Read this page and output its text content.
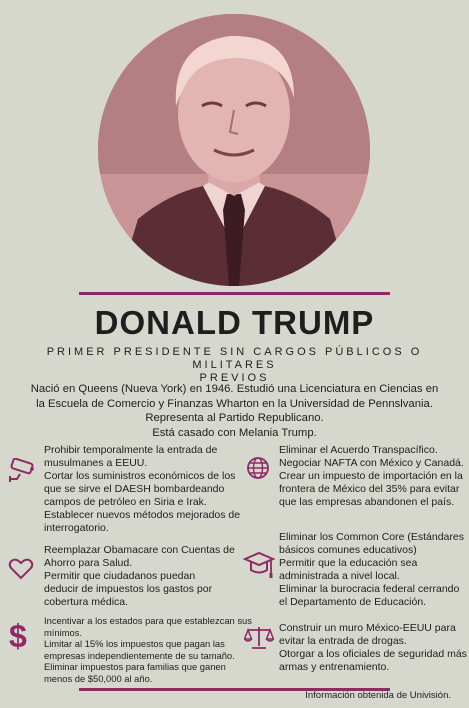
DONALD TRUMP
PRIMER PRESIDENTE SIN CARGOS PÚBLICOS O MILITARES
PREVIOS
Nació en Queens (Nueva York) en 1946. Estudió una Licenciatura en Ciencias en
la Escuela de Comercio y Finanzas Wharton en la Universidad de Pennslvania.
Representa al Partido Republicano.
Está casado con Melania Trump.
Prohibir temporalmente la entrada de
musulmanes a EEUU.
Cortar los suministros económicos de los
que se sirve el DAESH bombardeando
campos de petróleo en Siria e Irak.
Establecer nuevos métodos mejorados de
interrogatorio.
Eliminar el Acuerdo Transpacífico.
Negociar NAFTA con México y Canadá.
Crear un impuesto de importación en la
frontera de México del 35% para evitar
que las empresas abandonen el país.
Reemplazar Obamacare con Cuentas de
Ahorro para Salud.
Permitir que ciudadanos puedan
deducir de impuestos los gastos por
cobertura médica.
Eliminar los Common Core (Estándares
básicos comunes educativos)
Permitir que la educación sea
administrada a nivel local.
Eliminar la burocracia federal cerrando
el Departamento de Educación.
$ Incentivar a los estados para que establezcan sus
mínimos.
Limitar al 15% los impuestos que pagan las
empresas independientemente de su tamaño.
Eliminar impuestos para familias que ganen
menos de $50,000 al año.
Construir un muro México-EEUU para
evitar la entrada de drogas.
Otorgar a los oficiales de seguridad más
armas y entrenamiento.
Información obtenida de Univisión.
